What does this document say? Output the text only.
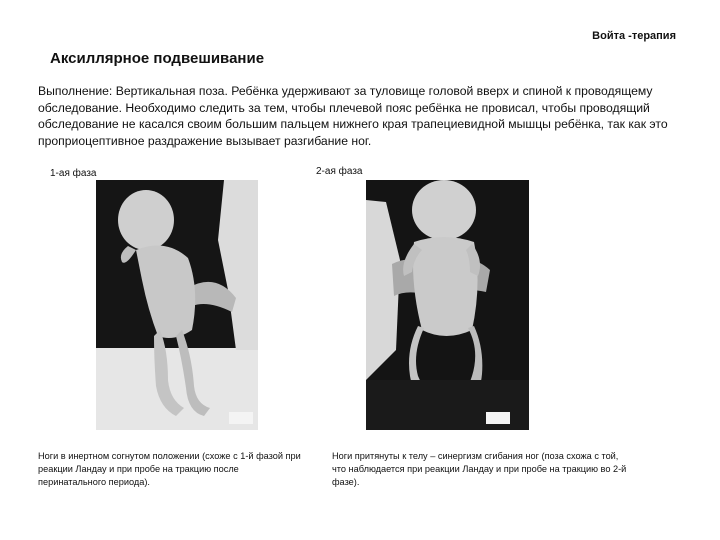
Войта -терапия
Аксиллярное подвешивание
Выполнение: Вертикальная поза. Ребёнка удерживают за туловище головой вверх и спиной к проводящему обследование. Необходимо следить за тем, чтобы плечевой пояс ребёнка не провисал, чтобы проводящий обследование не касался своим большим пальцем нижнего края трапециевидной мышцы ребёнка, так как это проприоцептивное раздражение вызывает разгибание ног.
1-ая фаза	2-ая фаза
Ноги в инертном согнутом положении (схоже с 1-й фазой при реакции Ландау и при пробе на тракцию после перинатального периода).
Ноги притянуты к телу – синергизм сгибания ног (поза схожа с той, что наблюдается при реакции Ландау и при пробе на тракцию во 2-й фазе).
